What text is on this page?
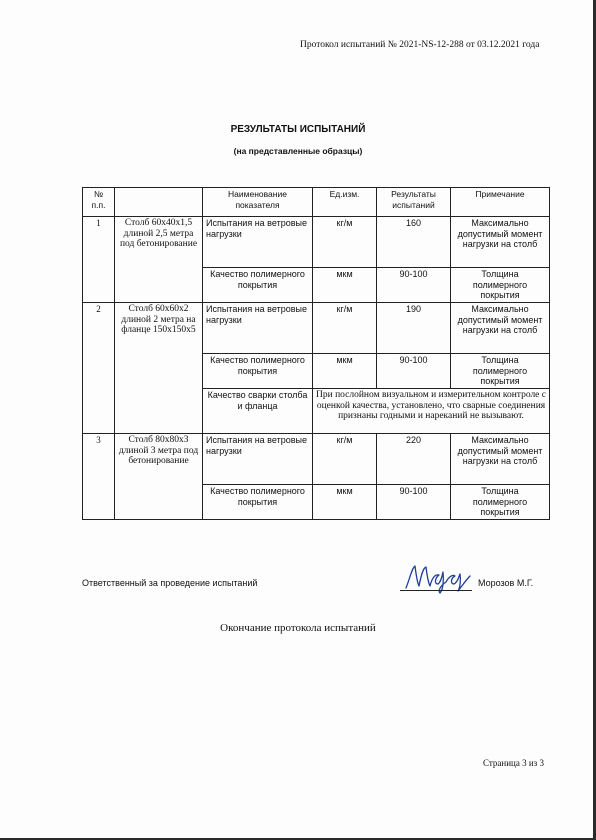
Протокол испытаний № 2021-NS-12-288 от 03.12.2021 года
РЕЗУЛЬТАТЫ ИСПЫТАНИЙ
(на представленные образцы)
№ п.п.		Наименование показателя	Ед.изм.	Результаты испытаний	Примечание
1	Столб 60х40х1,5 длиной 2,5 метра под бетонирование	Испытания на ветровые нагрузки	кг/м	160	Максимально допустимый момент нагрузки на столб
		Качество полимерного покрытия	мкм	90-100	Толщина полимерного покрытия
2	Столб 60х60х2 длиной 2 метра на фланце 150х150х5	Испытания на ветровые нагрузки	кг/м	190	Максимально допустимый момент нагрузки на столб
		Качество полимерного покрытия	мкм	90-100	Толщина полимерного покрытия
		Качество сварки столба и фланца	При послойном визуальном и измерительном контроле с оценкой качества, установлено, что сварные соединения признаны годными и нареканий не вызывают.		
3	Столб 80х80х3 длиной 3 метра под бетонирование	Испытания на ветровые нагрузки	кг/м	220	Максимально допустимый момент нагрузки на столб
		Качество полимерного покрытия	мкм	90-100	Толщина полимерного покрытия
Ответственный за проведение испытаний	Морозов М.Г.
Окончание протокола испытаний
Страница 3 из 3
